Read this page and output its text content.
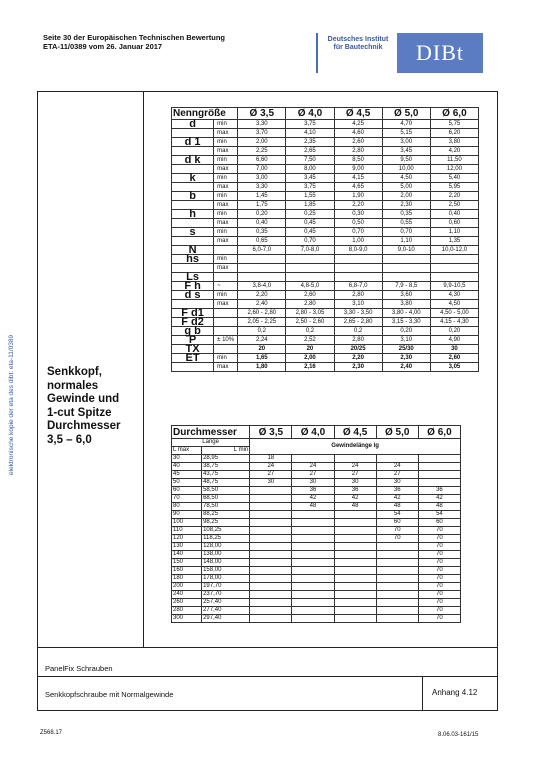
Seite 30 der Europäischen Technischen Bewertung
ETA-11/0389 vom 26. Januar 2017
Deutsches Institut für Bautechnik	DIBt
elektronische kopie der eta des dibt: eta-11/0389	Senkkopf,
normales
Gewinde und
1-cut Spitze
Durchmesser
3,5 – 6,0
Nenngröße		Ø 3,5	Ø 4,0	Ø 4,5	Ø 5,0	Ø 6,0
d	min	3,30	3,75	4,25	4,70	5,75
	max	3,70	4,10	4,60	5,15	6,20
d 1	min	2,00	2,35	2,60	3,00	3,80
	max	2,25	2,65	2,80	3,45	4,20
d k	min	6,60	7,50	8,50	9,50	11,50
	max	7,00	8,00	9,00	10,00	12,00
k	min	3,00	3,45	4,15	4,50	5,40
	max	3,30	3,75	4,65	5,00	5,95
b	min	1,45	1,55	1,90	2,00	2,20
	max	1,75	1,85	2,20	2,30	2,50
h	min	0,20	0,25	0,30	0,35	0,40
	max	0,40	0,45	0,50	0,55	0,60
s	min	0,35	0,45	0,70	0,70	1,10
	max	0,65	0,70	1,00	1,10	1,35
N		6,0-7,0	7,0-8,0	8,0-9,0	9,0-10	10,0-12,0
hs	min					
	max					
Ls						
F h	~	3,8-4,0	4,8-5,0	6,8-7,0	7,9 - 8,5	9,9-10,5
d s	min	2,20	2,60	2,80	3,60	4,30
	max	2,40	2,80	3,10	3,80	4,50
F d1		2,60 - 2,80	2,80 - 3,05	3,30 - 3,50	3,80 - 4,00	4,50 - 5,00
F d2		2,05 - 2,25	2,50 - 2,60	2,65 - 2,80	3,15 - 3,30	4,15 - 4,30
g b		0,2	0,2	0,2	0,20	0,20
P	± 10%	2,24	2,52	2,80	3,10	4,90
TX		20	20	20/25	25/30	30
ET	min	1,65	2,00	2,20	2,30	2,60
	max	1,80	2,16	2,30	2,40	3,05
Durchmesser		Ø 3,5	Ø 4,0	Ø 4,5	Ø 5,0	Ø 6,0
Lange		Gewindelänge lg				
L max	L min					
30	28,95	18				
40	38,75	24	24	24	24	
45	43,75	27	27	27	27	
50	48,75	30	30	30	30	
60	58,50		36	36	36	36
70	68,50		42	42	42	42
80	78,50		48	48	48	48
90	88,25				54	54
100	98,25				60	60
110	108,25				70	70
120	118,25				70	70
130	128,00					70
140	138,00					70
150	148,00					70
160	158,00					70
180	178,00					70
200	197,70					70
240	237,70					70
260	257,40					70
280	277,40					70
300	297,40					70
PanelFix Schrauben
Senkkopfschraube mit Normalgewinde	Anhang 4.12
Z568.17	8.06.03-161/15
